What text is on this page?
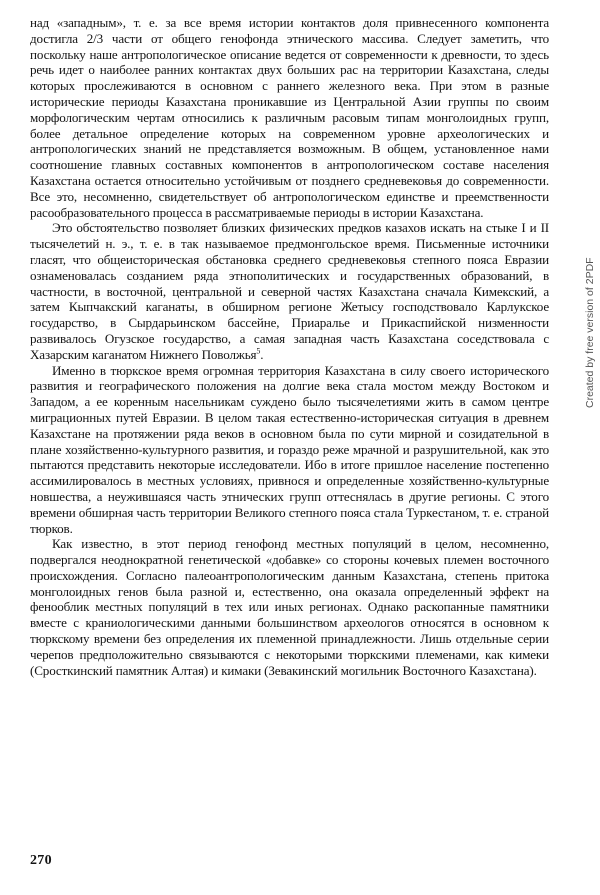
над «западным», т. е. за все время истории контактов доля привнесенного компонента достигла 2/3 части от общего генофонда этнического массива. Следует заметить, что поскольку наше антропологическое описание ведется от современности к древности, то здесь речь идет о наиболее ранних контактах двух больших рас на территории Казахстана, следы которых прослеживаются в основном с раннего железного века. При этом в разные исторические периоды Казахстана проникавшие из Центральной Азии группы по своим морфологическим чертам относились к различным расовым типам монголоидных групп, более детальное определение которых на современном уровне археологических и антропологических знаний не представляется возможным. В общем, установленное нами соотношение главных составных компонентов в антропологическом составе населения Казахстана остается относительно устойчивым от позднего средневековья до современности. Все это, несомненно, свидетельствует об антропологическом единстве и преемственности расообразовательного процесса в рассматриваемые периоды в истории Казахстана.

Это обстоятельство позволяет близких физических предков казахов искать на стыке I и II тысячелетий н. э., т. е. в так называемое предмонгольское время. Письменные источники гласят, что общеисторическая обстановка среднего средневековья степного пояса Евразии ознаменовалась созданием ряда этнополитических и государственных образований, в частности, в восточной, центральной и северной частях Казахстана сначала Кимекский, а затем Кыпчакский каганаты, в обширном регионе Жетысу господствовало Карлукское государство, в Сырдарьинском бассейне, Приаралье и Прикаспийской низменности развивалось Огузское государство, а самая западная часть Казахстана соседствовала с Хазарским каганатом Нижнего Поволжья$^5$.

Именно в тюркское время огромная территория Казахстана в силу своего исторического развития и географического положения на долгие века стала мостом между Востоком и Западом, а ее коренным насельникам суждено было тысячелетиями жить в самом центре миграционных путей Евразии. В целом такая естественно-историческая ситуация в древнем Казахстане на протяжении ряда веков в основном была по сути мирной и созидательной в плане хозяйственно-культурного развития, и гораздо реже мрачной и разрушительной, как это пытаются представить некоторые исследователи. Ибо в итоге пришлое население постепенно ассимилировалось в местных условиях, привнося и определенные хозяйственно-культурные новшества, а неужившаяся часть этнических групп оттеснялась в другие регионы. С этого времени обширная часть территории Великого степного пояса стала Туркестаном, т. е. страной тюрков.

Как известно, в этот период генофонд местных популяций в целом, несомненно, подвергался неоднократной генетической «добавке» со стороны кочевых племен восточного происхождения. Согласно палеоантропологическим данным Казахстана, степень притока монголоидных генов была разной и, естественно, она оказала определенный эффект на фенооблик местных популяций в тех или иных регионах. Однако раскопанные памятники вместе с краниологическими данными большинством археологов относятся в основном к тюркскому времени без определения их племенной принадлежности. Лишь отдельные серии черепов предположительно связываются с некоторыми тюркскими племенами, как кимеки (Сросткинский памятник Алтая) и кимаки (Зевакинский могильник Восточного Казахстана).

270
Created by free version of 2PDF
